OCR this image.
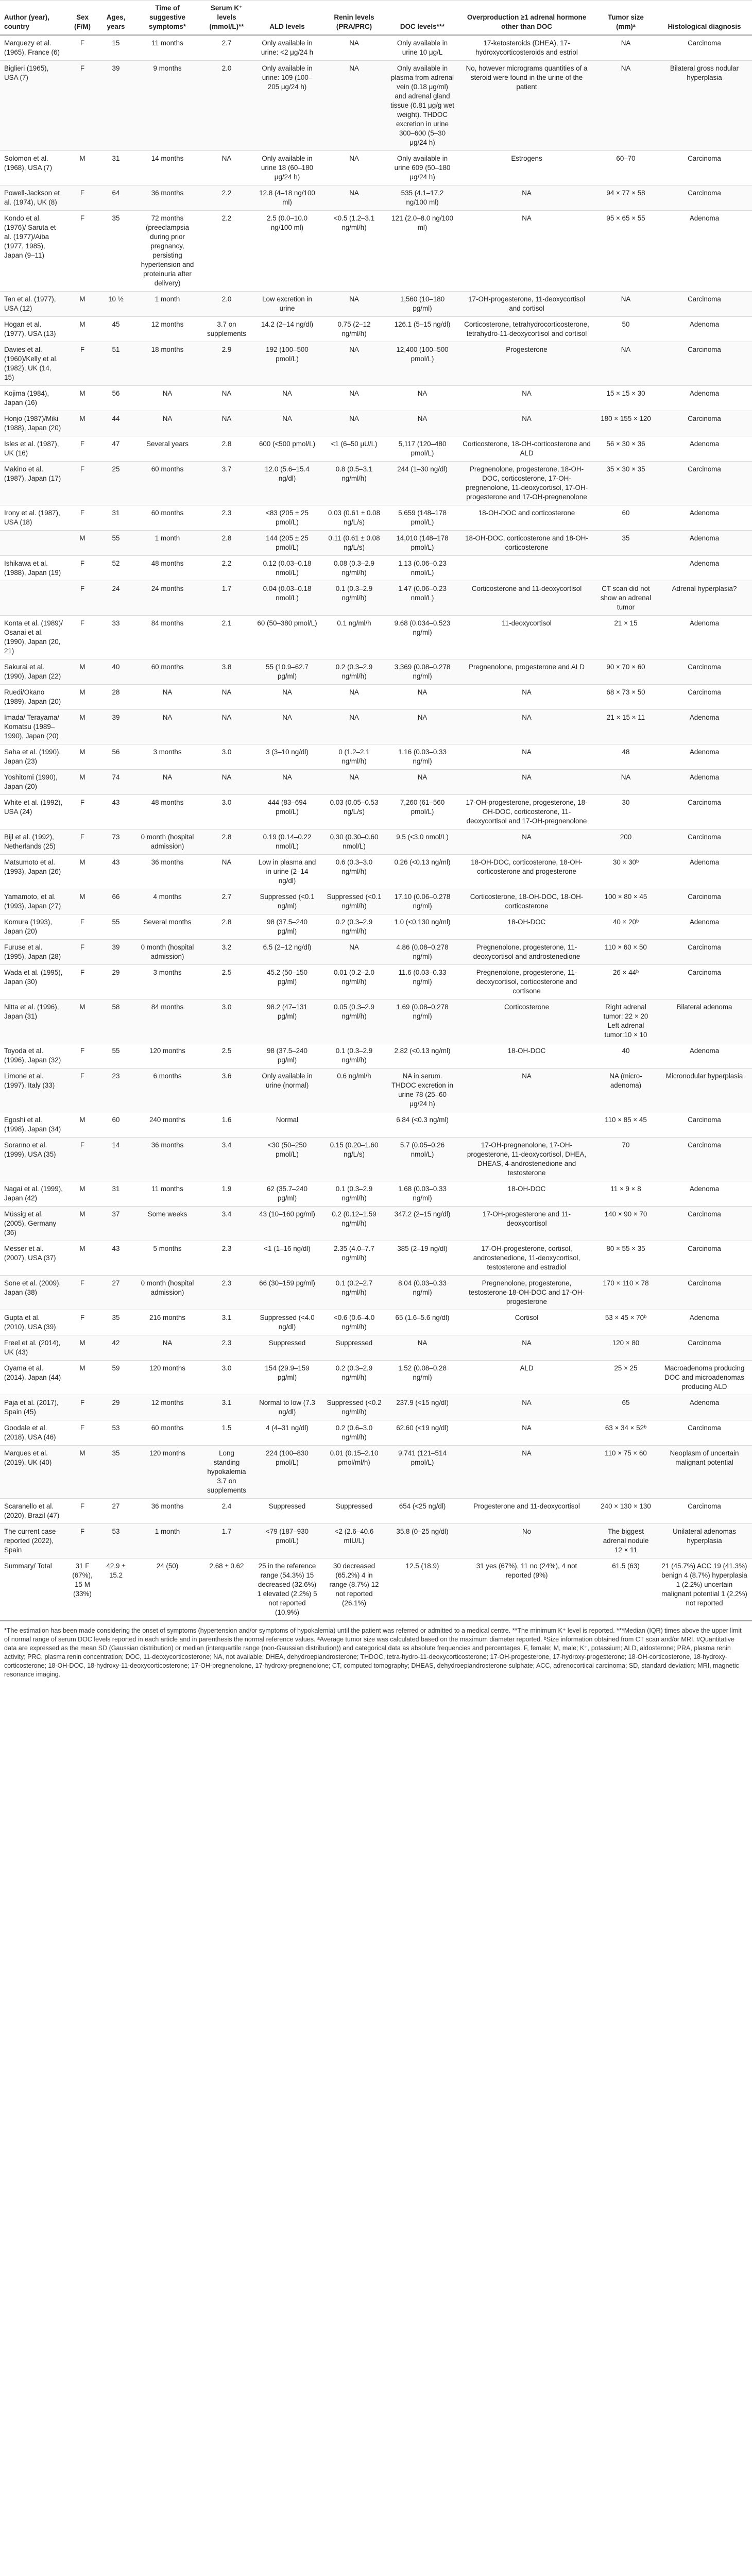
Author (year), country	Sex (F/M)	Ages, years	Time of suggestive symptoms*	Serum K⁺ levels (mmol/L)**	ALD levels	Renin levels (PRA/PRC)	DOC levels***	Overproduction ≥1 adrenal hormone other than DOC	Tumor size (mm)ᵃ	Histological diagnosis
Marquezy et al. (1965), France (6)	F	15	11 months	2.7	Only available in urine: <2 μg/24 h	NA	Only available in urine 10 μg/L	17-ketosteroids (DHEA), 17-hydroxycorticosteroids and estriol	NA	Carcinoma
Biglieri (1965), USA (7)	F	39	9 months	2.0	Only available in urine: 109 (100–205 μg/24 h)	NA	Only available in plasma from adrenal vein (0.18 μg/ml) and adrenal gland tissue (0.81 μg/g wet weight). THDOC excretion in urine 300–600 (5–30 μg/24 h)	No, however micrograms quantities of a steroid were found in the urine of the patient	NA	Bilateral gross nodular hyperplasia
Solomon et al. (1968), USA (7)	M	31	14 months	NA	Only available in urine 18 (60–180 μg/24 h)	NA	Only available in urine 609 (50–180 μg/24 h)	Estrogens	60–70	Carcinoma
Powell-Jackson et al. (1974), UK (8)	F	64	36 months	2.2	12.8 (4–18 ng/100 ml)	NA	535 (4.1–17.2 ng/100 ml)	NA	94 × 77 × 58	Carcinoma
Kondo et al. (1976)/ Saruta et al. (1977)/Aiba (1977, 1985), Japan (9–11)	F	35	72 months (preeclampsia during prior pregnancy, persisting hypertension and proteinuria after delivery)	2.2	2.5 (0.0–10.0 ng/100 ml)	<0.5 (1.2–3.1 ng/ml/h)	121 (2.0–8.0 ng/100 ml)	NA	95 × 65 × 55	Adenoma
Tan et al. (1977), USA (12)	M	10 ½	1 month	2.0	Low excretion in urine	NA	1,560 (10–180 pg/ml)	17-OH-progesterone, 11-deoxycortisol and cortisol	NA	Carcinoma
Hogan et al. (1977), USA (13)	M	45	12 months	3.7 on supplements	14.2 (2–14 ng/dl)	0.75 (2–12 ng/ml/h)	126.1 (5–15 ng/dl)	Corticosterone, tetrahydrocorticosterone, tetrahydro-11-deoxycortisol and cortisol	50	Adenoma
Davies et al. (1960)/Kelly et al. (1982), UK (14, 15)	F	51	18 months	2.9	192 (100–500 pmol/L)	NA	12,400 (100–500 pmol/L)	Progesterone	NA	Carcinoma
Kojima (1984), Japan (16)	M	56	NA	NA	NA	NA	NA	NA	15 × 15 × 30	Adenoma
Honjo (1987)/Miki (1988), Japan (20)	M	44	NA	NA	NA	NA	NA	NA	180 × 155 × 120	Carcinoma
Isles et al. (1987), UK (16)	F	47	Several years	2.8	600 (<500 pmol/L)	<1 (6–50 μU/L)	5,117 (120–480 pmol/L)	Corticosterone, 18-OH-corticosterone and ALD	56 × 30 × 36	Adenoma
Makino et al. (1987), Japan (17)	F	25	60 months	3.7	12.0 (5.6–15.4 ng/dl)	0.8 (0.5–3.1 ng/ml/h)	244 (1–30 ng/dl)	Pregnenolone, progesterone, 18-OH-DOC, corticosterone, 17-OH-pregnenolone, 11-deoxycortisol, 17-OH-progesterone and 17-OH-pregnenolone	35 × 30 × 35	Carcinoma
Irony et al. (1987), USA (18)	F	31	60 months	2.3	<83 (205 ± 25 pmol/L)	0.03 (0.61 ± 0.08 ng/L/s)	5,659 (148–178 pmol/L)	18-OH-DOC and corticosterone	60	Adenoma
	M	55	1 month	2.8	144 (205 ± 25 pmol/L)	0.11 (0.61 ± 0.08 ng/L/s)	14,010 (148–178 pmol/L)	18-OH-DOC, corticosterone and 18-OH-corticosterone	35	Adenoma
Ishikawa et al. (1988), Japan (19)	F	52	48 months	2.2	0.12 (0.03–0.18 nmol/L)	0.08 (0.3–2.9 ng/ml/h)	1.13 (0.06–0.23 nmol/L)			Adenoma
	F	24	24 months	1.7	0.04 (0.03–0.18 nmol/L)	0.1 (0.3–2.9 ng/ml/h)	1.47 (0.06–0.23 nmol/L)	Corticosterone and 11-deoxycortisol	CT scan did not show an adrenal tumor	Adrenal hyperplasia?
Konta et al. (1989)/ Osanai et al. (1990), Japan (20, 21)	F	33	84 months	2.1	60 (50–380 pmol/L)	0.1 ng/ml/h	9.68 (0.034–0.523 ng/ml)	11-deoxycortisol	21 × 15	Adenoma
Sakurai et al. (1990), Japan (22)	M	40	60 months	3.8	55 (10.9–62.7 pg/ml)	0.2 (0.3–2.9 ng/ml/h)	3.369 (0.08–0.278 ng/ml)	Pregnenolone, progesterone and ALD	90 × 70 × 60	Carcinoma
Ruedi/Okano (1989), Japan (20)	M	28	NA	NA	NA	NA	NA	NA	68 × 73 × 50	Carcinoma
Imada/ Terayama/ Komatsu (1989–1990), Japan (20)	M	39	NA	NA	NA	NA	NA	NA	21 × 15 × 11	Adenoma
Saha et al. (1990), Japan (23)	M	56	3 months	3.0	3 (3–10 ng/dl)	0 (1.2–2.1 ng/ml/h)	1.16 (0.03–0.33 ng/ml)	NA	48	Adenoma
Yoshitomi (1990), Japan (20)	M	74	NA	NA	NA	NA	NA	NA	NA	Adenoma
White et al. (1992), USA (24)	F	43	48 months	3.0	444 (83–694 pmol/L)	0.03 (0.05–0.53 ng/L/s)	7,260 (61–560 pmol/L)	17-OH-progesterone, progesterone, 18-OH-DOC, corticosterone, 11-deoxycortisol and 17-OH-pregnenolone	30	Carcinoma
Bijl et al. (1992), Netherlands (25)	F	73	0 month (hospital admission)	2.8	0.19 (0.14–0.22 nmol/L)	0.30 (0.30–0.60 nmol/L)	9.5 (<3.0 nmol/L)	NA	200	Carcinoma
Matsumoto et al. (1993), Japan (26)	M	43	36 months	NA	Low in plasma and in urine (2–14 ng/dl)	0.6 (0.3–3.0 ng/ml/h)	0.26 (<0.13 ng/ml)	18-OH-DOC, corticosterone, 18-OH-corticosterone and progesterone	30 × 30ᵇ	Adenoma
Yamamoto, et al. (1993), Japan (27)	M	66	4 months	2.7	Suppressed (<0.1 ng/ml)	Suppressed (<0.1 ng/ml/h)	17.10 (0.06–0.278 ng/ml)	Corticosterone, 18-OH-DOC, 18-OH-corticosterone	100 × 80 × 45	Carcinoma
Komura (1993), Japan (20)	F	55	Several months	2.8	98 (37.5–240 pg/ml)	0.2 (0.3–2.9 ng/ml/h)	1.0 (<0.130 ng/ml)	18-OH-DOC	40 × 20ᵇ	Adenoma
Furuse et al. (1995), Japan (28)	F	39	0 month (hospital admission)	3.2	6.5 (2–12 ng/dl)	NA	4.86 (0.08–0.278 ng/ml)	Pregnenolone, progesterone, 11-deoxycortisol and androstenedione	110 × 60 × 50	Carcinoma
Wada et al. (1995), Japan (30)	F	29	3 months	2.5	45.2 (50–150 pg/ml)	0.01 (0.2–2.0 ng/ml/h)	11.6 (0.03–0.33 ng/ml)	Pregnenolone, progesterone, 11-deoxycortisol, corticosterone and cortisone	26 × 44ᵇ	Carcinoma
Nitta et al. (1996), Japan (31)	M	58	84 months	3.0	98.2 (47–131 pg/ml)	0.05 (0.3–2.9 ng/ml/h)	1.69 (0.08–0.278 ng/ml)	Corticosterone	Right adrenal tumor: 22 × 20 Left adrenal tumor:10 × 10	Bilateral adenoma
Toyoda et al. (1996), Japan (32)	F	55	120 months	2.5	98 (37.5–240 pg/ml)	0.1 (0.3–2.9 ng/ml/h)	2.82 (<0.13 ng/ml)	18-OH-DOC	40	Adenoma
Limone et al. (1997), Italy (33)	F	23	6 months	3.6	Only available in urine (normal)	0.6 ng/ml/h	NA in serum. THDOC excretion in urine 78 (25–60 μg/24 h)	NA	NA (micro-adenoma)	Micronodular hyperplasia
Egoshi et al. (1998), Japan (34)	M	60	240 months	1.6	Normal		6.84 (<0.3 ng/ml)		110 × 85 × 45	Carcinoma
Soranno et al. (1999), USA (35)	F	14	36 months	3.4	<30 (50–250 pmol/L)	0.15 (0.20–1.60 ng/L/s)	5.7 (0.05–0.26 nmol/L)	17-OH-pregnenolone, 17-OH-progesterone, 11-deoxycortisol, DHEA, DHEAS, 4-androstenedione and testosterone	70	Carcinoma
Nagai et al. (1999), Japan (42)	M	31	11 months	1.9	62 (35.7–240 pg/ml)	0.1 (0.3–2.9 ng/ml/h)	1.68 (0.03–0.33 ng/ml)	18-OH-DOC	11 × 9 × 8	Adenoma
Müssig et al. (2005), Germany (36)	M	37	Some weeks	3.4	43 (10–160 pg/ml)	0.2 (0.12–1.59 ng/ml/h)	347.2 (2–15 ng/dl)	17-OH-progesterone and 11-deoxycortisol	140 × 90 × 70	Carcinoma
Messer et al. (2007), USA (37)	M	43	5 months	2.3	<1 (1–16 ng/dl)	2.35 (4.0–7.7 ng/ml/h)	385 (2–19 ng/dl)	17-OH-progesterone, cortisol, androstenedione, 11-deoxycortisol, testosterone and estradiol	80 × 55 × 35	Carcinoma
Sone et al. (2009), Japan (38)	F	27	0 month (hospital admission)	2.3	66 (30–159 pg/ml)	0.1 (0.2–2.7 ng/ml/h)	8.04 (0.03–0.33 ng/ml)	Pregnenolone, progesterone, testosterone 18-OH-DOC and 17-OH-progesterone	170 × 110 × 78	Carcinoma
Gupta et al. (2010), USA (39)	F	35	216 months	3.1	Suppressed (<4.0 ng/dl)	<0.6 (0.6–4.0 ng/ml/h)	65 (1.6–5.6 ng/dl)	Cortisol	53 × 45 × 70ᵇ	Adenoma
Freel et al. (2014), UK (43)	M	42	NA	2.3	Suppressed	Suppressed	NA	NA	120 × 80	Carcinoma
Oyama et al. (2014), Japan (44)	M	59	120 months	3.0	154 (29.9–159 pg/ml)	0.2 (0.3–2.9 ng/ml/h)	1.52 (0.08–0.28 ng/ml)	ALD	25 × 25	Macroadenoma producing DOC and microadenomas producing ALD
Paja et al. (2017), Spain (45)	F	29	12 months	3.1	Normal to low (7.3 ng/dl)	Suppressed (<0.2 ng/ml/h)	237.9 (<15 ng/dl)	NA	65	Adenoma
Goodale et al. (2018), USA (46)	F	53	60 months	1.5	4 (4–31 ng/dl)	0.2 (0.6–3.0 ng/ml/h)	62.60 (<19 ng/dl)	NA	63 × 34 × 52ᵇ	Carcinoma
Marques et al. (2019), UK (40)	M	35	120 months	Long standing hypokalemia 3.7 on supplements	224 (100–830 pmol/L)	0.01 (0.15–2.10 pmol/ml/h)	9,741 (121–514 pmol/L)	NA	110 × 75 × 60	Neoplasm of uncertain malignant potential
Scaranello et al. (2020), Brazil (47)	F	27	36 months	2.4	Suppressed	Suppressed	654 (<25 ng/dl)	Progesterone and 11-deoxycortisol	240 × 130 × 130	Carcinoma
The current case reported (2022), Spain	F	53	1 month	1.7	<79 (187–930 pmol/L)	<2 (2.6–40.6 mIU/L)	35.8 (0–25 ng/dl)	No	The biggest adrenal nodule 12 × 11	Unilateral adenomas hyperplasia
Summary/ Total	31 F (67%), 15 M (33%)	42.9 ± 15.2	24 (50)	2.68 ± 0.62	25 in the reference range (54.3%) 15 decreased (32.6%) 1 elevated (2.2%) 5 not reported (10.9%)	30 decreased (65.2%) 4 in range (8.7%) 12 not reported (26.1%)	12.5 (18.9)	31 yes (67%), 11 no (24%), 4 not reported (9%)	61.5 (63)	21 (45.7%) ACC 19 (41.3%) benign 4 (8.7%) hyperplasia 1 (2.2%) uncertain malignant potential 1 (2.2%) not reported
*The estimation has been made considering the onset of symptoms (hypertension and/or symptoms of hypokalemia) until the patient was referred or admitted to a medical centre. **The minimum K⁺ level is reported. ***Median (IQR) times above the upper limit of normal range of serum DOC levels reported in each article and in parenthesis the normal reference values. ᵃAverage tumor size was calculated based on the maximum diameter reported. ᵇSize information obtained from CT scan and/or MRI. #Quantitative data are expressed as the mean SD (Gaussian distribution) or median (interquartile range (non-Gaussian distribution)) and categorical data as absolute frequencies and percentages. F, female; M, male; K⁺, potassium; ALD, aldosterone; PRA, plasma renin activity; PRC, plasma renin concentration; DOC, 11-deoxycorticosterone; NA, not available; DHEA, dehydroepiandrosterone; THDOC, tetra-hydro-11-deoxycorticosterone; 17-OH-progesterone, 17-hydroxy-progesterone; 18-OH-corticosterone, 18-hydroxy-corticosterone; 18-OH-DOC, 18-hydroxy-11-deoxycorticosterone; 17-OH-pregnenolone, 17-hydroxy-pregnenolone; CT, computed tomography; DHEAS, dehydroepiandrosterone sulphate; ACC, adrenocortical carcinoma; SD, standard deviation; MRI, magnetic resonance imaging.
